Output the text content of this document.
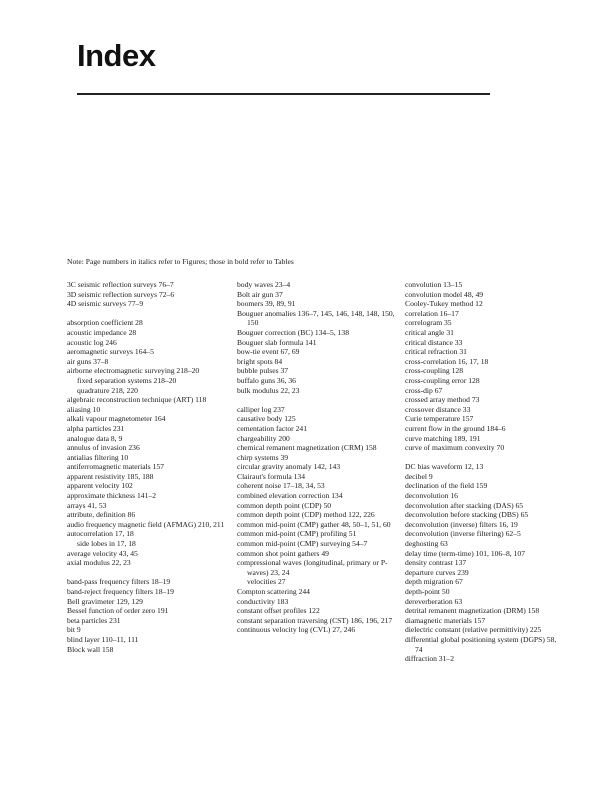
Index
Note: Page numbers in italics refer to Figures; those in bold refer to Tables

3C seismic reflection surveys 76–7

3D seismic reflection surveys 72–6

4D seismic surveys 77–9

absorption coefficient 28

acoustic impedance 28

acoustic log 246

aeromagnetic surveys 164–5

air guns 37–8

airborne electromagnetic surveying 218–20

fixed separation systems 218–20

quadrature 218, 220

algebraic reconstruction technique (ART) 118

aliasing 10

alkali vapour magnetometer 164

alpha particles 231

analogue data 8, 9

annulus of invasion 236

antialias filtering 10

antiferromagnetic materials 157

apparent resistivity 185, 188

apparent velocity 102

approximate thickness 141–2

arrays 41, 53

attribute, definition 86

audio frequency magnetic field (AFMAG) 210, 211

autocorrelation 17, 18

side lobes in 17, 18

average velocity 43, 45

axial modulus 22, 23

band-pass frequency filters 18–19

band-reject frequency filters 18–19

Bell gravimeter 129, 129

Bessel function of order zero 191

beta particles 231

bit 9

blind layer 110–11, 111

Block wall 158

body waves 23–4

Bolt air gun 37

boomers 39, 89, 91

Bouguer anomalies 136–7, 145, 146, 148, 148, 150, 150

Bouguer correction (BC) 134–5, 138

Bouguer slab formula 141

bow-tie event 67, 69

bright spots 84

bubble pulses 37

buffalo guns 36, 36

bulk modulus 22, 23

calliper log 237

causative body 125

cementation factor 241

chargeability 200

chemical remanent magnetization (CRM) 158

chirp systems 39

circular gravity anomaly 142, 143

Clairaut's formula 134

coherent noise 17–18, 34, 53

combined elevation correction 134

common depth point (CDP) 50

common depth point (CDP) method 122, 226

common mid-point (CMP) gather 48, 50–1, 51, 60

common mid-point (CMP) profiling 51

common mid-point (CMP) surveying 54–7

common shot point gathers 49

compressional waves (longitudinal, primary or P-waves) 23, 24

velocities 27

Compton scattering 244

conductivity 183

constant offset profiles 122

constant separation traversing (CST) 186, 196, 217

continuous velocity log (CVL) 27, 246

convolution 13–15

convolution model 48, 49

Cooley-Tukey method 12

correlation 16–17

correlogram 35

critical angle 31

critical distance 33

critical refraction 31

cross-correlation 16, 17, 18

cross-coupling 128

cross-coupling error 128

cross-dip 67

crossed array method 73

crossover distance 33

Curie temperature 157

current flow in the ground 184–6

curve matching 189, 191

curve of maximum convexity 70

DC bias waveform 12, 13

decibel 9

declination of the field 159

deconvolution 16

deconvolution after stacking (DAS) 65

deconvolution before stacking (DBS) 65

deconvolution (inverse) filters 16, 19

deconvolution (inverse filtering) 62–5

deghosting 63

delay time (term-time) 101, 106–8, 107

density contrast 137

departure curves 239

depth migration 67

depth-point 50

dereverberation 63

detrital remanent magnetization (DRM) 158

diamagnetic materials 157

dielectric constant (relative permittivity) 225

differential global positioning system (DGPS) 58, 74

diffraction 31–2
